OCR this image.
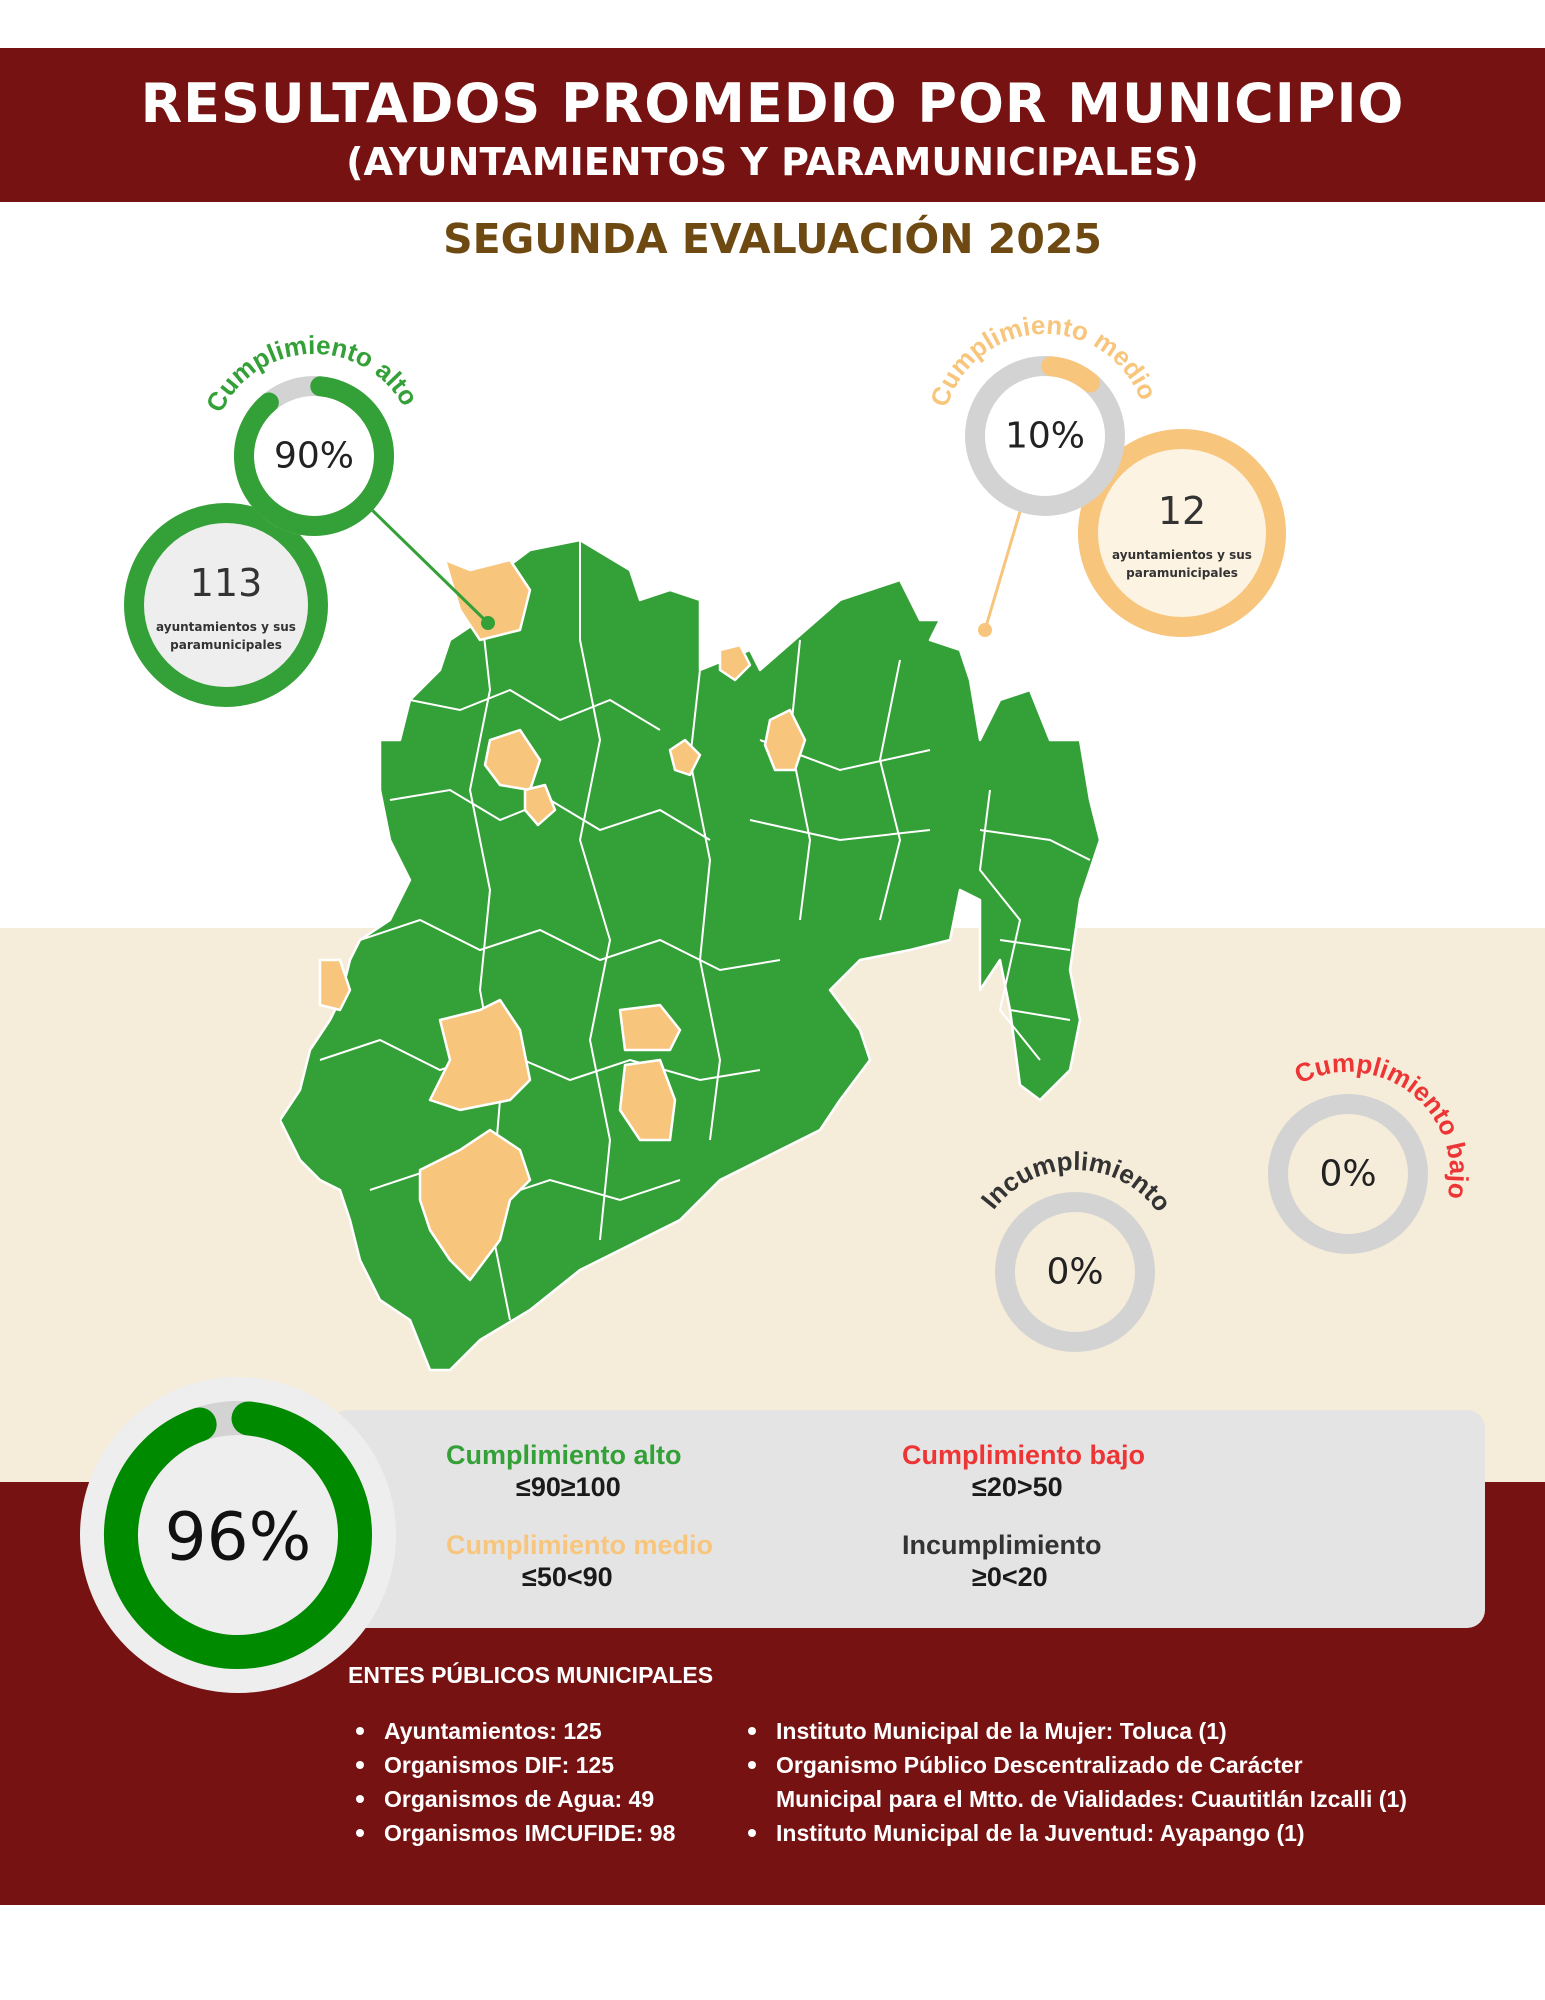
RESULTADOS PROMEDIO POR MUNICIPIO
(AYUNTAMIENTOS Y PARAMUNICIPALES)
SEGUNDA EVALUACIÓN 2025
113
ayuntamientos y sus
paramunicipales
12
ayuntamientos y sus
paramunicipales
90%
Cumplimiento alto
10%
Cumplimiento medio
0%
Cumplimiento bajo
0%
Incumplimiento
Cumplimiento alto
≤90≥100
Cumplimiento bajo
≤20>50
Cumplimiento medio
≤50<90
Incumplimiento
≥0<20
96%
ENTES PÚBLICOS MUNICIPALES
Ayuntamientos: 125
Organismos DIF: 125
Organismos de Agua: 49
Organismos IMCUFIDE: 98
Instituto Municipal de la Mujer: Toluca (1)
Organismo Público Descentralizado de Carácter
Municipal para el Mtto. de Vialidades: Cuautitlán Izcalli (1)
Instituto Municipal de la Juventud: Ayapango (1)
